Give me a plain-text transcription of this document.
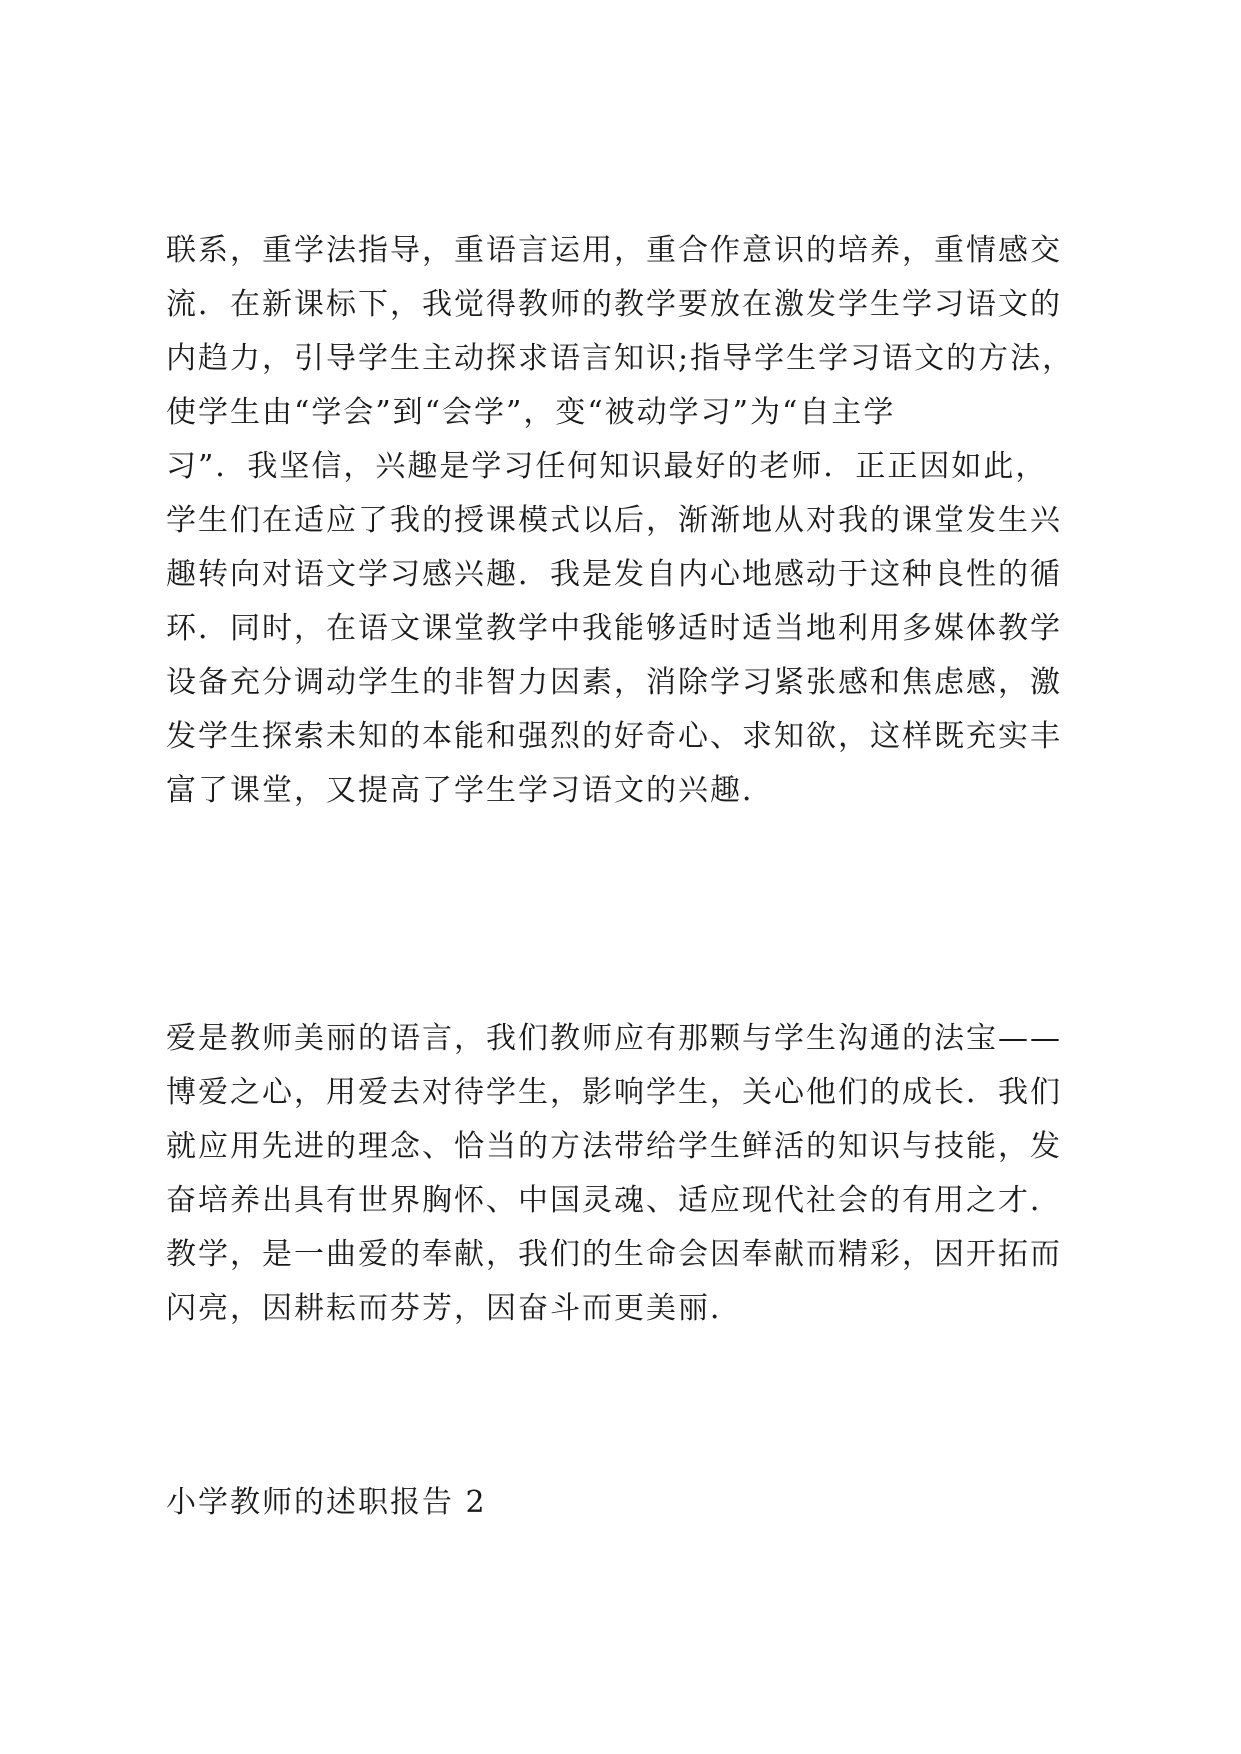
联系，重学法指导，重语言运用，重合作意识的培养，重情感交
流．在新课标下，我觉得教师的教学要放在激发学生学习语文的
内趋力，引导学生主动探求语言知识;指导学生学习语文的方法，
使学生由“学会”到“会学”，变“被动学习”为“自主学
习”．我坚信，兴趣是学习任何知识最好的老师．正正因如此，
学生们在适应了我的授课模式以后，渐渐地从对我的课堂发生兴
趣转向对语文学习感兴趣．我是发自内心地感动于这种良性的循
环．同时，在语文课堂教学中我能够适时适当地利用多媒体教学
设备充分调动学生的非智力因素，消除学习紧张感和焦虑感，激
发学生探索未知的本能和强烈的好奇心、求知欲，这样既充实丰
富了课堂，又提高了学生学习语文的兴趣．
爱是教师美丽的语言，我们教师应有那颗与学生沟通的法宝——
博爱之心，用爱去对待学生，影响学生，关心他们的成长．我们
就应用先进的理念、恰当的方法带给学生鲜活的知识与技能，发
奋培养出具有世界胸怀、中国灵魂、适应现代社会的有用之才．
教学，是一曲爱的奉献，我们的生命会因奉献而精彩，因开拓而
闪亮，因耕耘而芬芳，因奋斗而更美丽．
小学教师的述职报告 2
